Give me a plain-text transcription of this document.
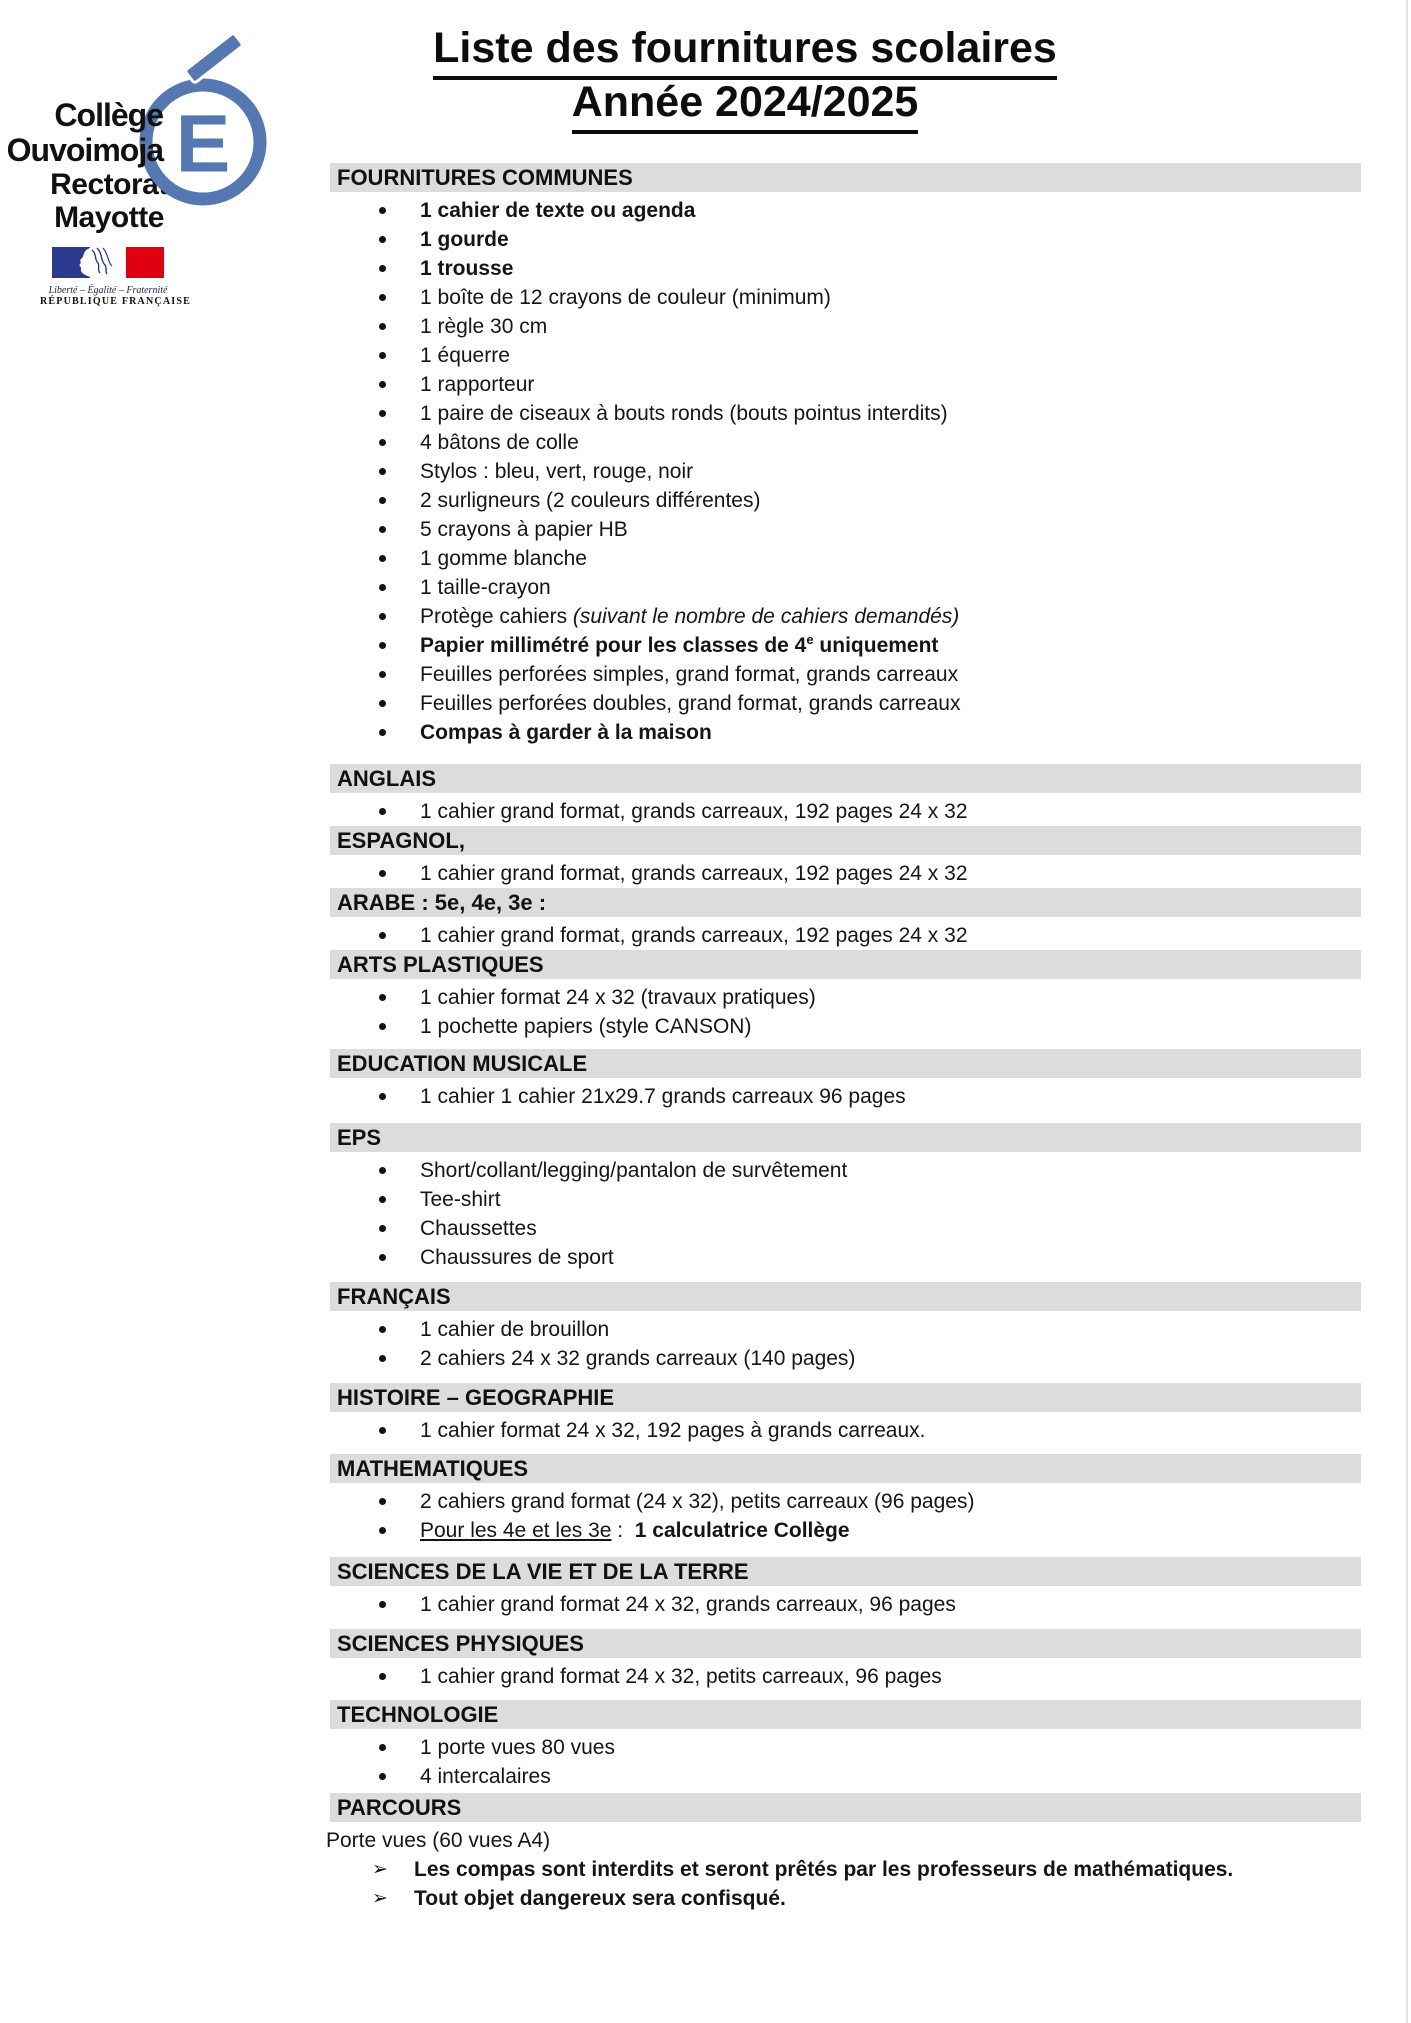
Collège
Ouvoimoja E
Rectorat
Mayotte
Liberté – Égalité – Fraternité
RÉPUBLIQUE FRANÇAISE
Liste des fournitures scolaires
Année 2024/2025
FOURNITURES COMMUNES
1 cahier de texte ou agenda
1 gourde
1 trousse
1 boîte de 12 crayons de couleur (minimum)
1 règle 30 cm
1 équerre
1 rapporteur
1 paire de ciseaux à bouts ronds (bouts pointus interdits)
4 bâtons de colle
Stylos : bleu, vert, rouge, noir
2 surligneurs (2 couleurs différentes)
5 crayons à papier HB
1 gomme blanche
1 taille-crayon
Protège cahiers (suivant le nombre de cahiers demandés)
Papier millimétré pour les classes de 4e uniquement
Feuilles perforées simples, grand format, grands carreaux
Feuilles perforées doubles, grand format, grands carreaux
Compas à garder à la maison
ANGLAIS
1 cahier grand format, grands carreaux, 192 pages 24 x 32
ESPAGNOL,
1 cahier grand format, grands carreaux, 192 pages 24 x 32
ARABE : 5e, 4e, 3e :
1 cahier grand format, grands carreaux, 192 pages 24 x 32
ARTS PLASTIQUES
1 cahier format 24 x 32 (travaux pratiques)
1 pochette papiers (style CANSON)
EDUCATION MUSICALE
1 cahier 1 cahier 21x29.7 grands carreaux 96 pages
EPS
Short/collant/legging/pantalon de survêtement
Tee-shirt
Chaussettes
Chaussures de sport
FRANÇAIS
1 cahier de brouillon
2 cahiers 24 x 32 grands carreaux (140 pages)
HISTOIRE – GEOGRAPHIE
1 cahier format 24 x 32, 192 pages à grands carreaux.
MATHEMATIQUES
2 cahiers grand format (24 x 32), petits carreaux (96 pages)
Pour les 4e et les 3e :  1 calculatrice Collège
SCIENCES DE LA VIE ET DE LA TERRE
1 cahier grand format 24 x 32, grands carreaux, 96 pages
SCIENCES PHYSIQUES
1 cahier grand format 24 x 32, petits carreaux, 96 pages
TECHNOLOGIE
1 porte vues 80 vues
4 intercalaires
PARCOURS
Porte vues (60 vues A4)
➢ Les compas sont interdits et seront prêtés par les professeurs de mathématiques.
➢ Tout objet dangereux sera confisqué.
